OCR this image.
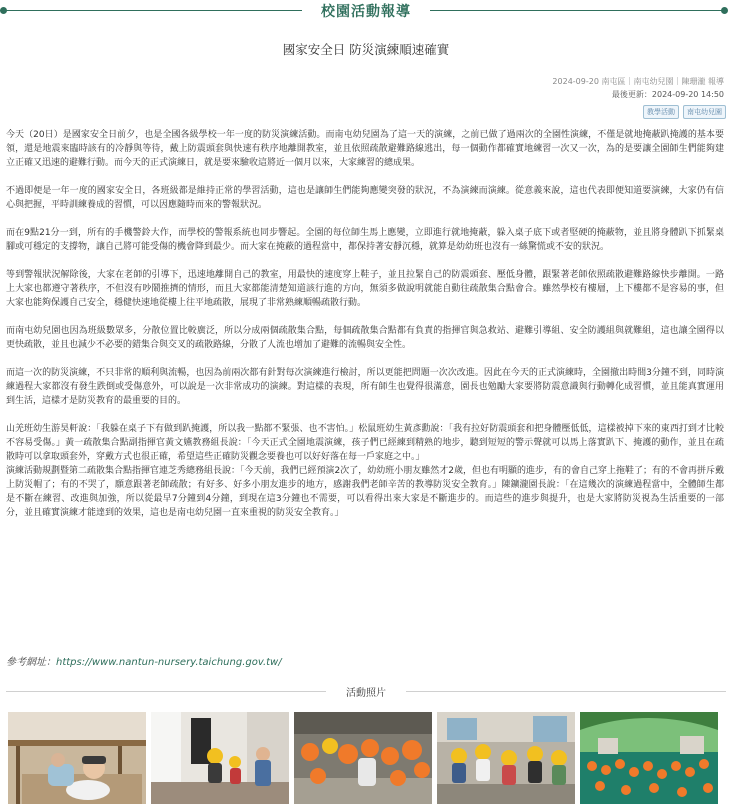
校園活動報導
國家安全日 防災演練順速確實
2024-09-20 南屯區｜南屯幼兒園｜陳珊瀧 報導
最後更新：2024-09-20 14:50
教學活動	南屯幼兒園

今天（20日）是國家安全日前夕，也是全國各級學校一年一度的防災演練活動。而南屯幼兒園為了這一天的演練，之前已做了過兩次的全園性演練，不僅是就地掩蔽趴掩護的基本要領，還是地震來臨時該有的冷靜與等待，戴上防震頭套與快速有秩序地離開教室，並且依照疏散避難路線逃出，每一個動作都確實地練習一次又一次，為的是要讓全園師生們能夠建立正確又迅速的避難行動。而今天的正式演練日，就是要來驗收這將近一個月以來，大家練習的總成果。

不過即便是一年一度的國家安全日，各班級都是維持正常的學習活動，這也是讓師生們能夠應變突發的狀況，不為演練而演練。從意義來說，這也代表即便知道要演練，大家仍有信心與把握，平時訓練養成的習慣，可以因應隨時而來的警報狀況。

而在9點21分一到，所有的手機警鈴大作，而學校的警報系統也同步響起。全園的每位師生馬上應變，立即進行就地掩蔽，躲入桌子底下或者堅硬的掩蔽物，並且將身體趴下抓緊桌腳或可穩定的支撐物，讓自己將可能受傷的機會降到最少。而大家在掩蔽的過程當中，都保持著安靜沉穩，就算是幼幼班也沒有一絲驚慌或不安的狀況。

等到警報狀況解除後，大家在老師的引導下，迅速地離開自己的教室，用最快的速度穿上鞋子，並且拉緊自己的防震頭套、壓低身體，跟緊著老師依照疏散避難路線快步離開。一路上大家也都遵守著秩序，不但沒有吵鬧推擠的情形，而且大家都能清楚知道該行進的方向，無須多做說明就能自動往疏散集合點會合。雖然學校有樓層，上下樓都不是容易的事，但大家也能夠保護自己安全，穩健快速地從樓上往平地疏散，展現了非常熟練順暢疏散行動。

而南屯幼兒園也因為班級數眾多，分散位置比較廣泛，所以分成兩個疏散集合點，每個疏散集合點都有負責的指揮官與急救站、避難引導組、安全防護組與就難組，這也讓全園得以更快疏散，並且也減少不必要的錯集合與交叉的疏散路線，分散了人流也增加了避難的流暢與安全性。

而這一次的防災演練，不只非常的順利與流暢，也因為前兩次都有針對每次演練進行檢討，所以更能把問題一次次改進。因此在今天的正式演練時，全園撤出時間3分鐘不到，同時演練過程大家都沒有發生跌倒或受傷意外，可以說是一次非常成功的演練。對這樣的表現，所有師生也覺得很滿意，園長也勉勵大家要將防震意識與行動轉化成習慣，並且能真實運用到生活，這樣才是防災教育的最重要的目的。

山羌班幼生游昊軒說：「我躲在桌子下有做到趴掩護，所以我一點都不緊張、也不害怕。」松鼠班幼生黃彥勳說：「我有拉好防震頭套和把身體壓低低，這樣被掉下來的東西打到才比較不容易受傷。」黃一疏散集合點副指揮官黃文嬿教務組長說：「今天正式全園地震演練，孩子們已經練到精熟的地步，聽到短短的警示聲就可以馬上落實趴下、掩護的動作，並且在疏散時可以拿取頭套外，穿戴方式也很正確，希望這些正確防災觀念要養也可以好好落在每一戶家庭之中。」

演練活動規劃暨第二疏散集合點指揮官連芝秀總務組長說：「今天前，我們已經預演2次了，幼幼班小朋友雖然才2歲，但也有明顯的進步，有的會自己穿上拖鞋了；有的不會再拼斥戴上防災帽了；有的不哭了，願意跟著老師疏散；有好多、好多小朋友進步的地方，感謝我們老師辛苦的教導防災安全教育。」陳鑛瀧園長說：「在這幾次的演練過程當中，全體師生都是不斷在練習、改進與加強，所以從最早7分鐘到4分鐘，到現在這3分鐘也不需要，可以看得出來大家是不斷進步的。而這些的進步與提升，也是大家將防災視為生活重要的一部分，並且確實演練才能達到的效果，這也是南屯幼兒園一直來重視的防災安全教育。」

參考網址：https://www.nantun-nursery.taichung.gov.tw/
活動照片
